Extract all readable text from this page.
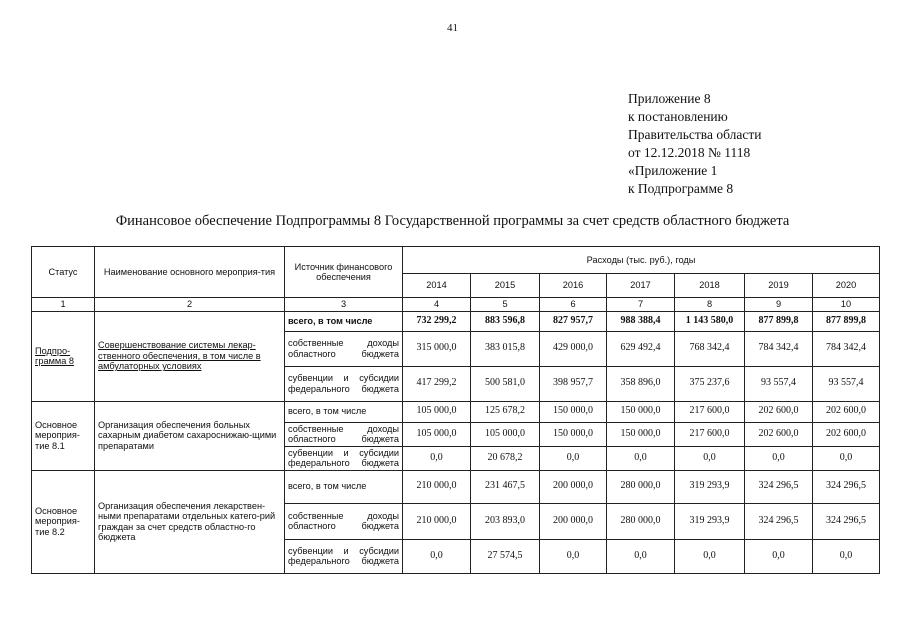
41
Приложение 8
к постановлению
Правительства области
от 12.12.2018 № 1118
«Приложение 1
к Подпрограмме 8
Финансовое обеспечение Подпрограммы 8 Государственной программы за счет средств областного бюджета
Статус	Наименование основного мероприя-тия	Источник финансового обеспечения	Расходы (тыс. руб.), годы						
			2014	2015	2016	2017	2018	2019	2020
1	2	3	4	5	6	7	8	9	10
Подпро-грамма 8	Совершенствование системы лекар-ственного обеспечения, в том числе в амбулаторных условиях	всего, в том числе	732 299,2	883 596,8	827 957,7	988 388,4	1 143 580,0	877 899,8	877 899,8
		собственные доходы областного бюджета	315 000,0	383 015,8	429 000,0	629 492,4	768 342,4	784 342,4	784 342,4
		субвенции и субсидии федерального бюджета	417 299,2	500 581,0	398 957,7	358 896,0	375 237,6	93 557,4	93 557,4
Основное мероприя-тие 8.1	Организация обеспечения больных сахарным диабетом сахароснижаю-щими препаратами	всего, в том числе	105 000,0	125 678,2	150 000,0	150 000,0	217 600,0	202 600,0	202 600,0
		собственные доходы областного бюджета	105 000,0	105 000,0	150 000,0	150 000,0	217 600,0	202 600,0	202 600,0
		субвенции и субсидии федерального бюджета	0,0	20 678,2	0,0	0,0	0,0	0,0	0,0
Основное мероприя-тие 8.2	Организация обеспечения лекарствен-ными препаратами отдельных катего-рий граждан за счет средств областно-го бюджета	всего, в том числе	210 000,0	231 467,5	200 000,0	280 000,0	319 293,9	324 296,5	324 296,5
		собственные доходы областного бюджета	210 000,0	203 893,0	200 000,0	280 000,0	319 293,9	324 296,5	324 296,5
		субвенции и субсидии федерального бюджета	0,0	27 574,5	0,0	0,0	0,0	0,0	0,0
